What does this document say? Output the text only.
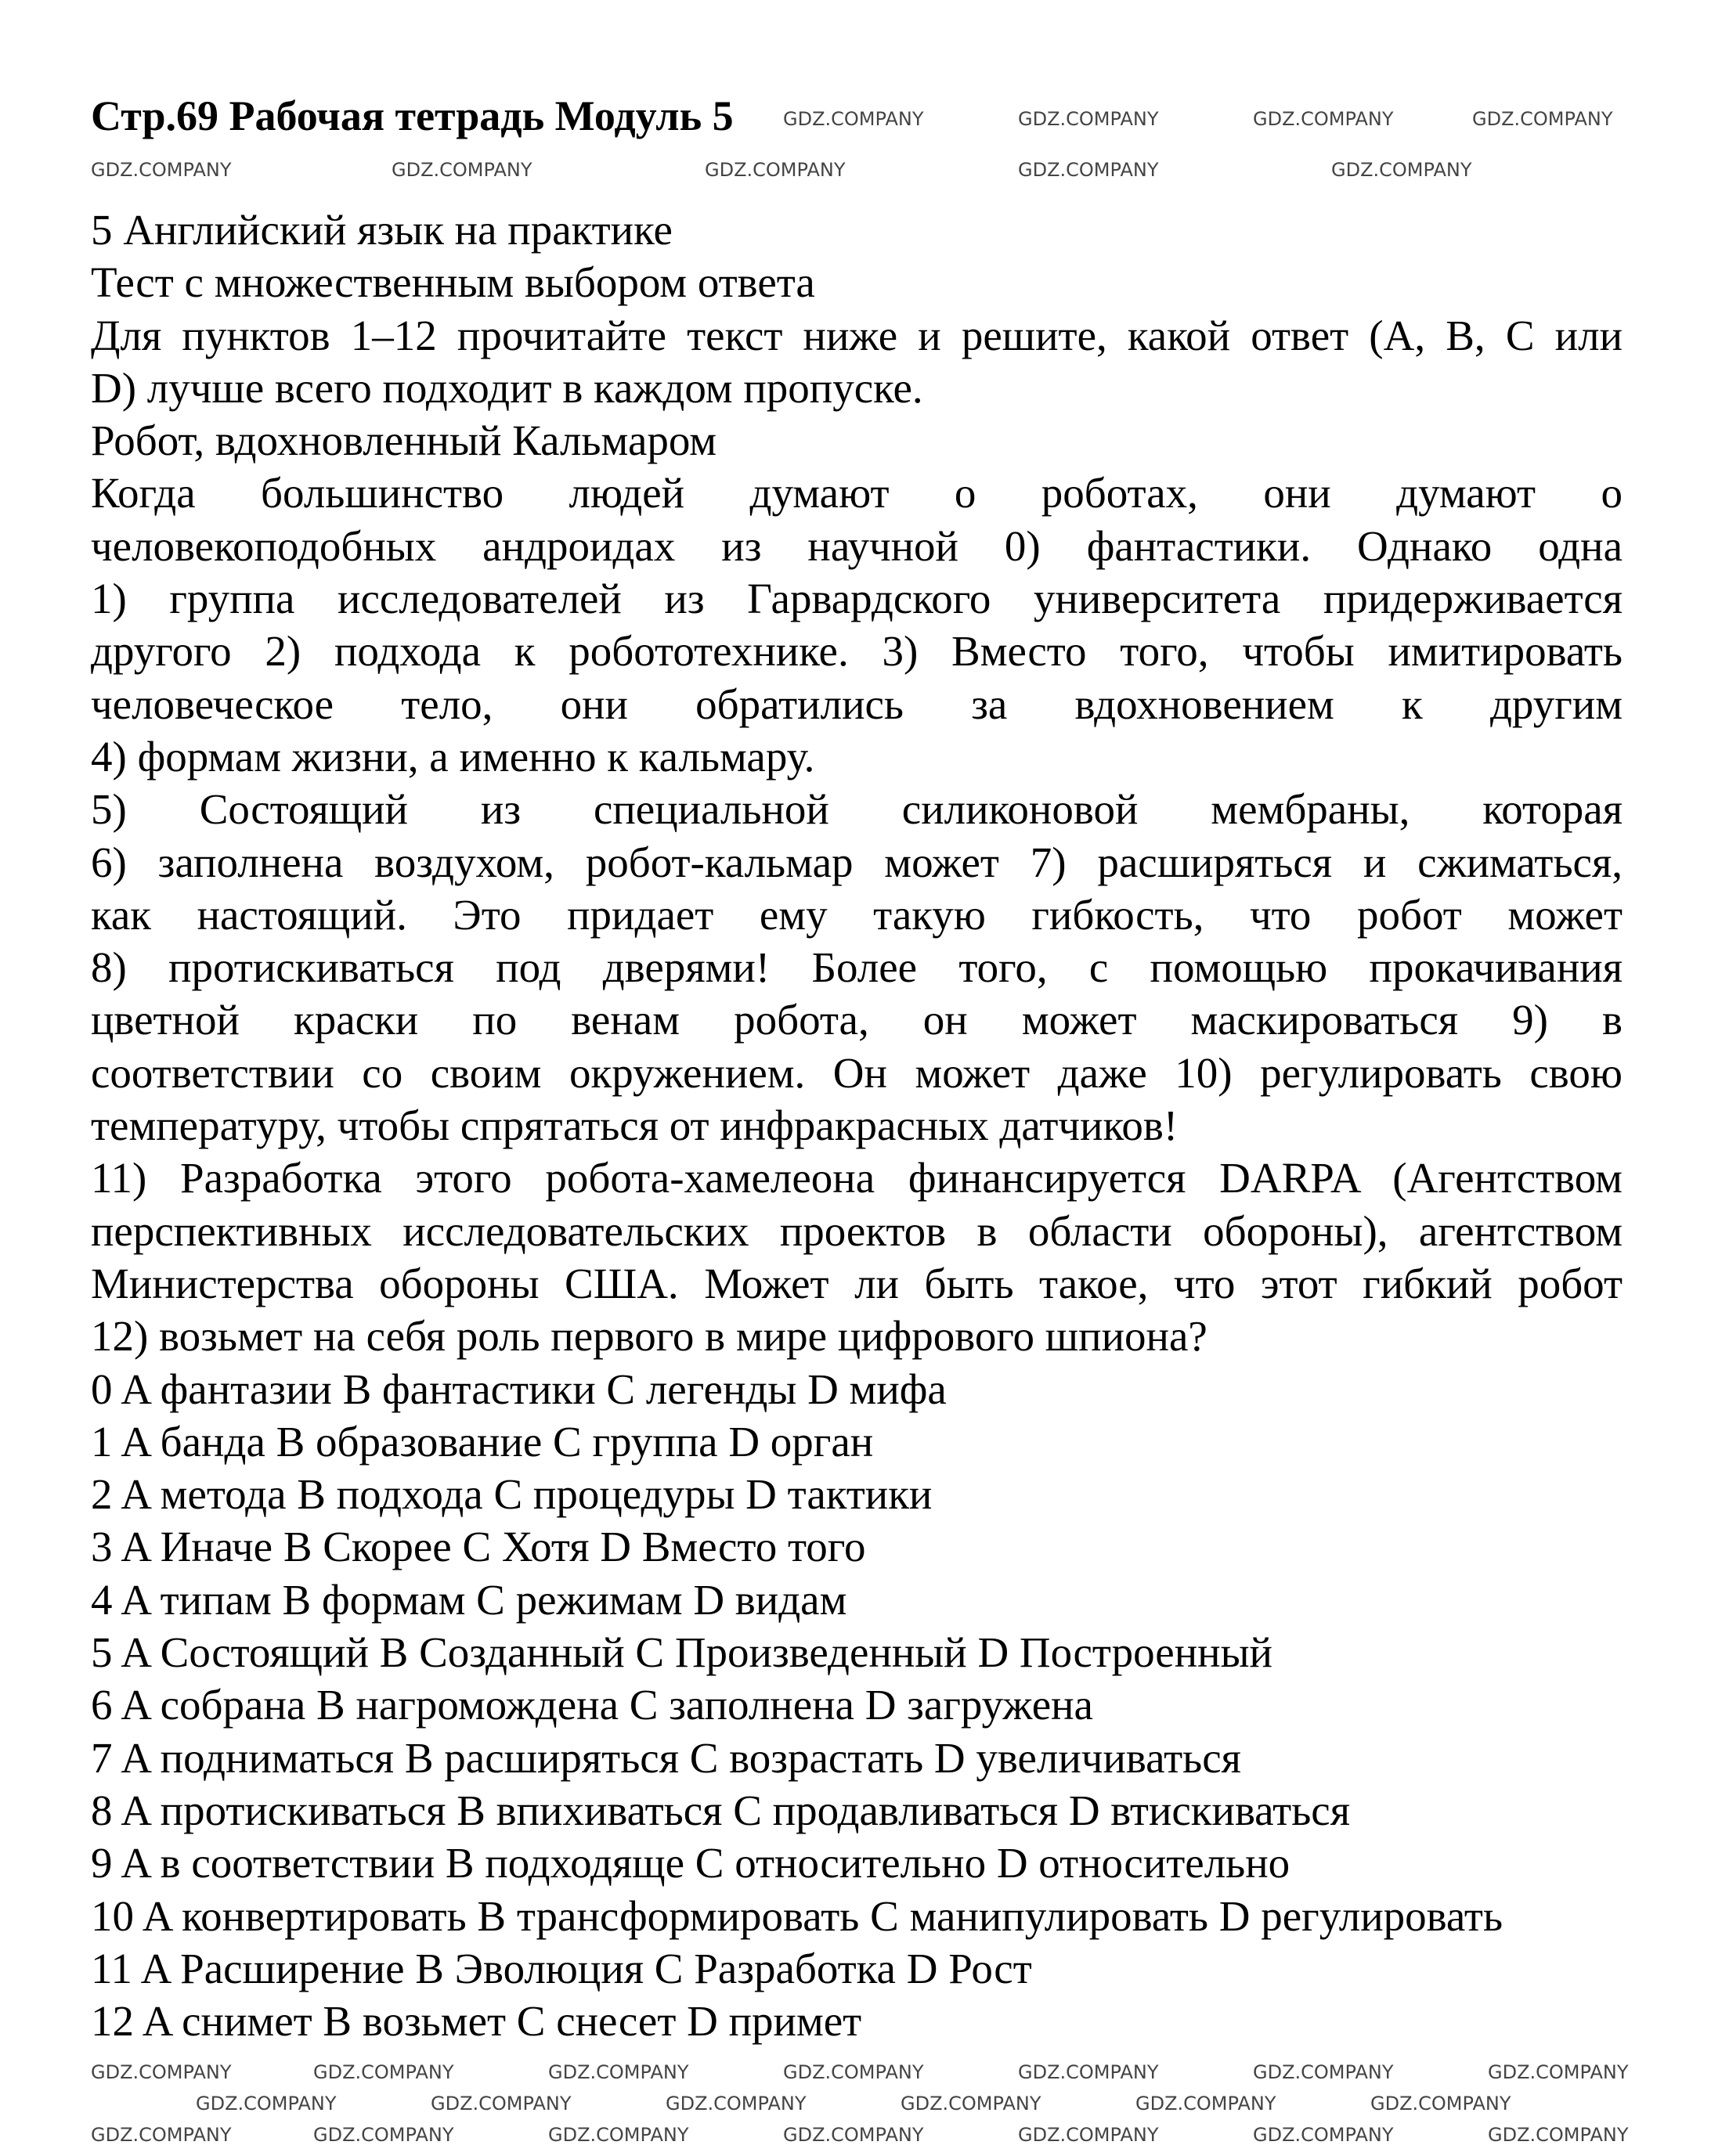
Стр.69 Рабочая тетрадь Модуль 5
5 Английский язык на практике
Тест с множественным выбором ответа
Для пунктов 1–12 прочитайте текст ниже и решите, какой ответ (A, B, C или
D) лучше всего подходит в каждом пропуске.
Робот, вдохновленный Кальмаром
Когда большинство людей думают о роботах, они думают о
человекоподобных андроидах из научной 0) фантастики. Однако одна
1) группа исследователей из Гарвардского университета придерживается
другого 2) подхода к робототехнике. 3) Вместо того, чтобы имитировать
человеческое тело, они обратились за вдохновением к другим
4) формам жизни, а именно к кальмару.
5) Состоящий из специальной силиконовой мембраны, которая
6) заполнена воздухом, робот-кальмар может 7) расширяться и сжиматься,
как настоящий. Это придает ему такую гибкость, что робот может
8) протискиваться под дверями! Более того, с помощью прокачивания
цветной краски по венам робота, он может маскироваться 9) в
соответствии со своим окружением. Он может даже 10) регулировать свою
температуру, чтобы спрятаться от инфракрасных датчиков!
11) Разработка этого робота-хамелеона финансируется DARPA (Агентством
перспективных исследовательских проектов в области обороны), агентством
Министерства обороны США. Может ли быть такое, что этот гибкий робот
12) возьмет на себя роль первого в мире цифрового шпиона?
0 A фантазии B фантастики C легенды D мифа
1 A банда B образование C группа D орган
2 A метода B подхода C процедуры D тактики
3 A Иначе B Скорее C Хотя D Вместо того
4 A типам B формам C режимам D видам
5 A Состоящий B Созданный C Произведенный D Построенный
6 A собрана B нагромождена C заполнена D загружена
7 A подниматься B расширяться C возрастать D увеличиваться
8 A протискиваться B впихиваться C продавливаться D втискиваться
9 A в соответствии B подходяще C относительно D относительно
10 A конвертировать B трансформировать C манипулировать D регулировать
11 A Расширение B Эволюция C Разработка D Рост
12 A снимет B возьмет C снесет D примет
GDZ.COMPANY	GDZ.COMPANY	GDZ.COMPANY	GDZ.COMPANY
GDZ.COMPANY	GDZ.COMPANY	GDZ.COMPANY	GDZ.COMPANY	GDZ.COMPANY
GDZ.COMPANY	GDZ.COMPANY	GDZ.COMPANY	GDZ.COMPANY	GDZ.COMPANY	GDZ.COMPANY	GDZ.COMPANY
GDZ.COMPANY	GDZ.COMPANY	GDZ.COMPANY	GDZ.COMPANY	GDZ.COMPANY	GDZ.COMPANY
GDZ.COMPANY	GDZ.COMPANY	GDZ.COMPANY	GDZ.COMPANY	GDZ.COMPANY	GDZ.COMPANY	GDZ.COMPANY
